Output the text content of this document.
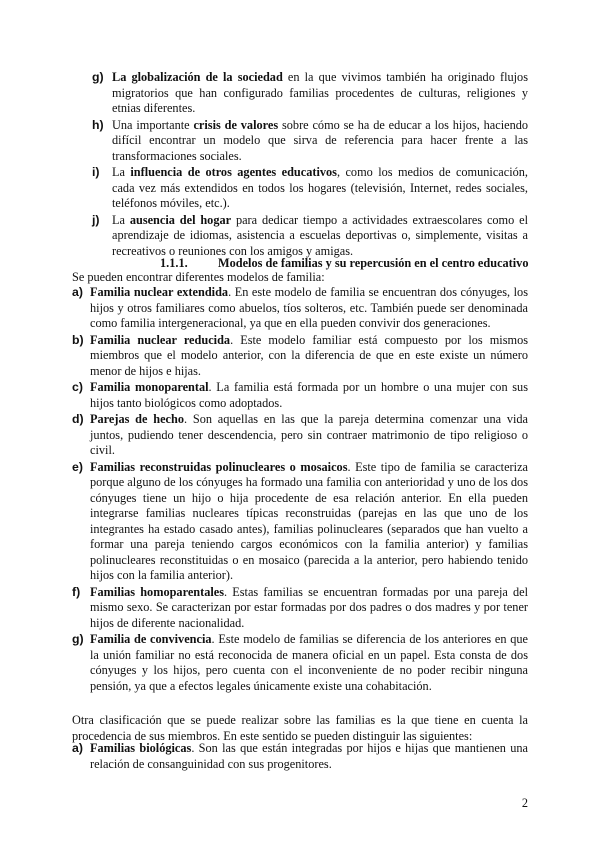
g) La globalización de la sociedad en la que vivimos también ha originado flujos migratorios que han configurado familias procedentes de culturas, religiones y etnias diferentes.

h) Una importante crisis de valores sobre cómo se ha de educar a los hijos, haciendo difícil encontrar un modelo que sirva de referencia para hacer frente a las transformaciones sociales.

i) La influencia de otros agentes educativos, como los medios de comunicación, cada vez más extendidos en todos los hogares (televisión, Internet, redes sociales, teléfonos móviles, etc.).

j) La ausencia del hogar para dedicar tiempo a actividades extraescolares como el aprendizaje de idiomas, asistencia a escuelas deportivas o, simplemente, visitas a recreativos o reuniones con los amigos y amigas.

1.1.1. Modelos de familias y su repercusión en el centro educativo
Se pueden encontrar diferentes modelos de familia:

a) Familia nuclear extendida. En este modelo de familia se encuentran dos cónyuges, los hijos y otros familiares como abuelos, tíos solteros, etc. También puede ser denominada como familia intergeneracional, ya que en ella pueden convivir dos generaciones.

b) Familia nuclear reducida. Este modelo familiar está compuesto por los mismos miembros que el modelo anterior, con la diferencia de que en este existe un número menor de hijos e hijas.

c) Familia monoparental. La familia está formada por un hombre o una mujer con sus hijos tanto biológicos como adoptados.

d) Parejas de hecho. Son aquellas en las que la pareja determina comenzar una vida juntos, pudiendo tener descendencia, pero sin contraer matrimonio de tipo religioso o civil.

e) Familias reconstruidas polinucleares o mosaicos. Este tipo de familia se caracteriza porque alguno de los cónyuges ha formado una familia con anterioridad y uno de los dos cónyuges tiene un hijo o hija procedente de esa relación anterior. En ella pueden integrarse familias nucleares típicas reconstruidas (parejas en las que uno de los integrantes ha estado casado antes), familias polinucleares (separados que han vuelto a formar una pareja teniendo cargos económicos con la familia anterior) y familias polinucleares reconstituidas o en mosaico (parecida a la anterior, pero habiendo tenido hijos con la familia anterior).

f) Familias homoparentales. Estas familias se encuentran formadas por una pareja del mismo sexo. Se caracterizan por estar formadas por dos padres o dos madres y por tener hijos de diferente nacionalidad.

g) Familia de convivencia. Este modelo de familias se diferencia de los anteriores en que la unión familiar no está reconocida de manera oficial en un papel. Esta consta de dos cónyuges y los hijos, pero cuenta con el inconveniente de no poder recibir ninguna pensión, ya que a efectos legales únicamente existe una cohabitación.

Otra clasificación que se puede realizar sobre las familias es la que tiene en cuenta la procedencia de sus miembros. En este sentido se pueden distinguir las siguientes:

a) Familias biológicas. Son las que están integradas por hijos e hijas que mantienen una relación de consanguinidad con sus progenitores.

2
